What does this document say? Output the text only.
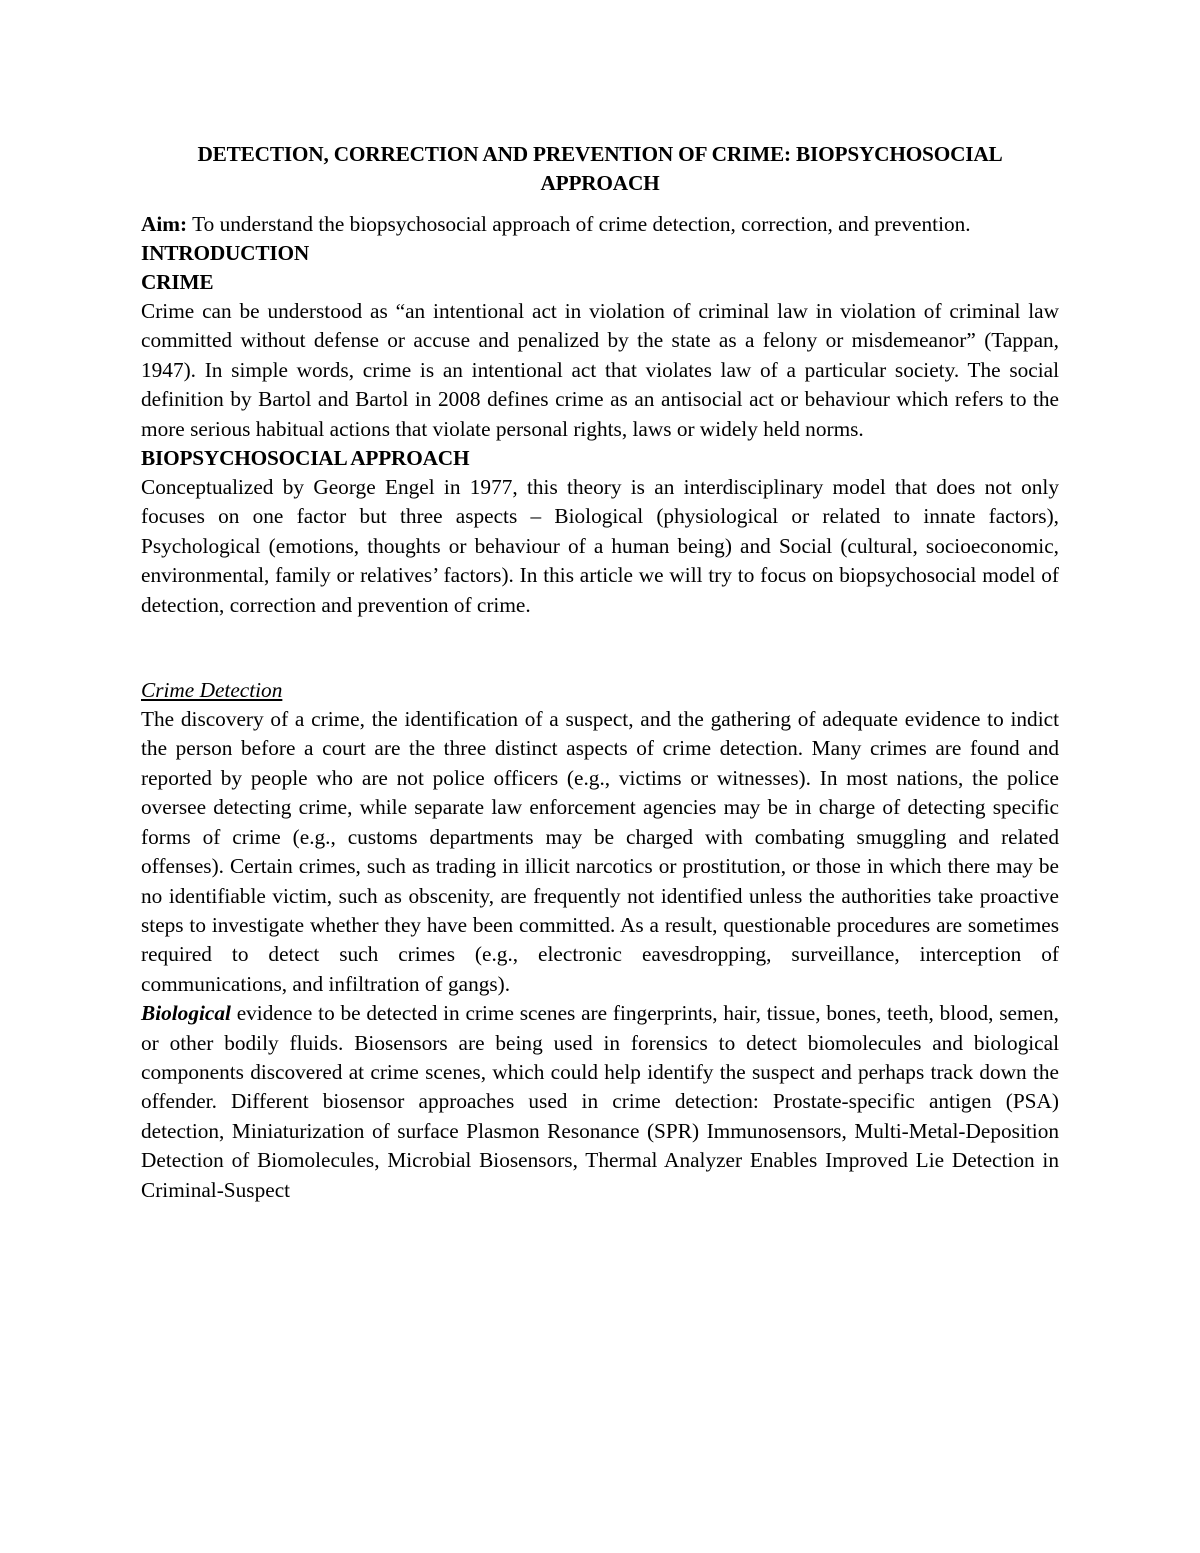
DETECTION, CORRECTION AND PREVENTION OF CRIME: BIOPSYCHOSOCIAL APPROACH

Aim: To understand the biopsychosocial approach of crime detection, correction, and prevention.

INTRODUCTION
CRIME

Crime can be understood as “an intentional act in violation of criminal law in violation of criminal law committed without defense or accuse and penalized by the state as a felony or misdemeanor” (Tappan, 1947). In simple words, crime is an intentional act that violates law of a particular society. The social definition by Bartol and Bartol in 2008 defines crime as an antisocial act or behaviour which refers to the more serious habitual actions that violate personal rights, laws or widely held norms.

BIOPSYCHOSOCIAL APPROACH

Conceptualized by George Engel in 1977, this theory is an interdisciplinary model that does not only focuses on one factor but three aspects – Biological (physiological or related to innate factors), Psychological (emotions, thoughts or behaviour of a human being) and Social (cultural, socioeconomic, environmental, family or relatives’ factors). In this article we will try to focus on biopsychosocial model of detection, correction and prevention of crime.

Crime Detection

The discovery of a crime, the identification of a suspect, and the gathering of adequate evidence to indict the person before a court are the three distinct aspects of crime detection. Many crimes are found and reported by people who are not police officers (e.g., victims or witnesses). In most nations, the police oversee detecting crime, while separate law enforcement agencies may be in charge of detecting specific forms of crime (e.g., customs departments may be charged with combating smuggling and related offenses). Certain crimes, such as trading in illicit narcotics or prostitution, or those in which there may be no identifiable victim, such as obscenity, are frequently not identified unless the authorities take proactive steps to investigate whether they have been committed. As a result, questionable procedures are sometimes required to detect such crimes (e.g., electronic eavesdropping, surveillance, interception of communications, and infiltration of gangs).

Biological evidence to be detected in crime scenes are fingerprints, hair, tissue, bones, teeth, blood, semen, or other bodily fluids. Biosensors are being used in forensics to detect biomolecules and biological components discovered at crime scenes, which could help identify the suspect and perhaps track down the offender. Different biosensor approaches used in crime detection: Prostate-specific antigen (PSA) detection, Miniaturization of surface Plasmon Resonance (SPR) Immunosensors, Multi-Metal-Deposition Detection of Biomolecules, Microbial Biosensors, Thermal Analyzer Enables Improved Lie Detection in Criminal-Suspect
